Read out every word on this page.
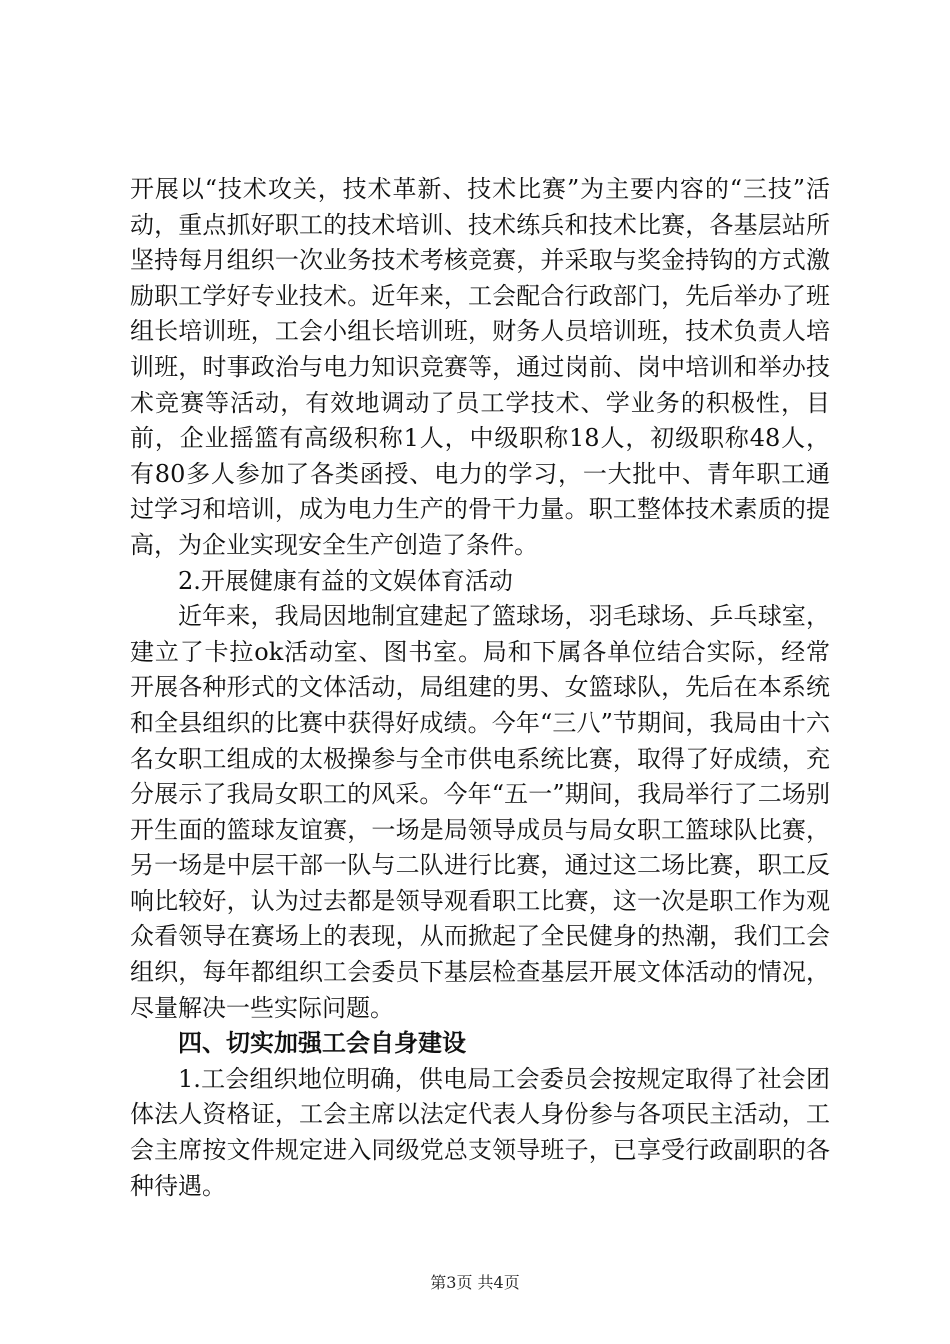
开展以“技术攻关，技术革新、技术比赛”为主要内容的“三技”活动，重点抓好职工的技术培训、技术练兵和技术比赛，各基层站所坚持每月组织一次业务技术考核竞赛，并采取与奖金持钩的方式激励职工学好专业技术。近年来，工会配合行政部门，先后举办了班组长培训班，工会小组长培训班，财务人员培训班，技术负责人培训班，时事政治与电力知识竞赛等，通过岗前、岗中培训和举办技术竞赛等活动，有效地调动了员工学技术、学业务的积极性，目前，企业摇篮有高级积称1人，中级职称18人，初级职称48人，有80多人参加了各类函授、电力的学习，一大批中、青年职工通过学习和培训，成为电力生产的骨干力量。职工整体技术素质的提高，为企业实现安全生产创造了条件。

2.开展健康有益的文娱体育活动

近年来，我局因地制宜建起了篮球场，羽毛球场、乒乓球室，建立了卡拉ok活动室、图书室。局和下属各单位结合实际，经常开展各种形式的文体活动，局组建的男、女篮球队，先后在本系统和全县组织的比赛中获得好成绩。今年“三八”节期间，我局由十六名女职工组成的太极操参与全市供电系统比赛，取得了好成绩，充分展示了我局女职工的风采。今年“五一”期间，我局举行了二场别开生面的篮球友谊赛，一场是局领导成员与局女职工篮球队比赛，另一场是中层干部一队与二队进行比赛，通过这二场比赛，职工反响比较好，认为过去都是领导观看职工比赛，这一次是职工作为观众看领导在赛场上的表现，从而掀起了全民健身的热潮，我们工会组织，每年都组织工会委员下基层检查基层开展文体活动的情况，尽量解决一些实际问题。

四、切实加强工会自身建设

1.工会组织地位明确，供电局工会委员会按规定取得了社会团体法人资格证，工会主席以法定代表人身份参与各项民主活动，工会主席按文件规定进入同级党总支领导班子，已享受行政副职的各种待遇。

第3页 共4页
